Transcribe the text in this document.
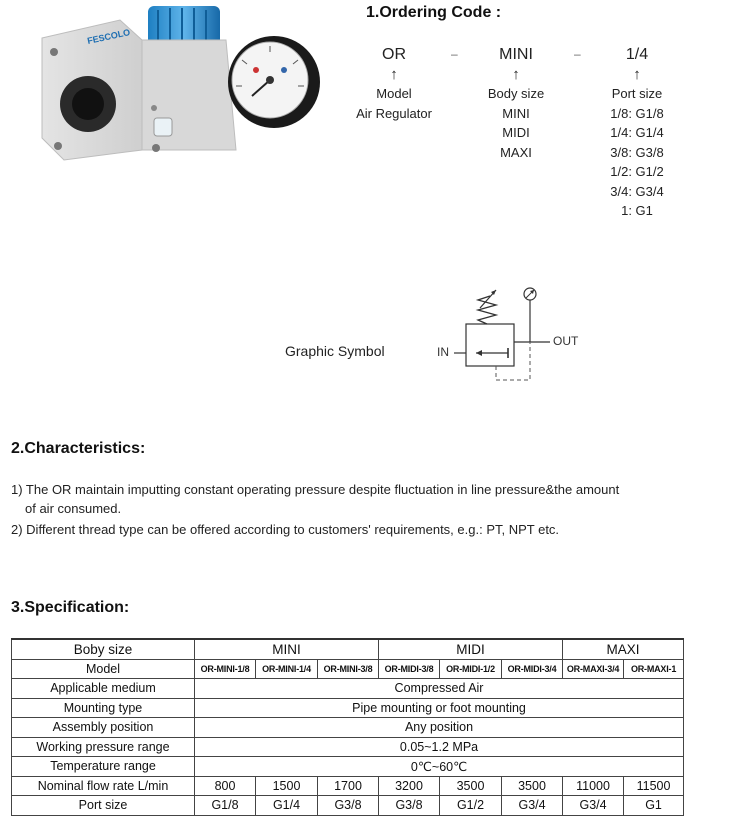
FESCOLO
1.Ordering Code :
OR
↑
Model
Air Regulator
–	MINI
↑
Body size
MINI
MIDI
MAXI
–	1/4
↑
Port size
1/8: G1/8
1/4: G1/4
3/8: G3/8
1/2: G1/2
3/4: G3/4
1: G1
Graphic Symbol	IN
OUT
2.Characteristics:
1) The OR maintain imputting constant operating pressure despite fluctuation in line pressure&the amount
of air consumed.
2) Different thread type can be offered according to customers' requirements, e.g.: PT, NPT etc.
3.Specification:
Boby size	MINI			MIDI			MAXI	
Model	OR-MINI-1/8	OR-MINI-1/4	OR-MINI-3/8	OR-MIDI-3/8	OR-MIDI-1/2	OR-MIDI-3/4	OR-MAXI-3/4	OR-MAXI-1
Applicable medium	Compressed Air							
Mounting type	Pipe mounting or foot mounting							
Assembly position	Any position							
Working pressure range	0.05~1.2 MPa							
Temperature range	0℃~60℃							
Nominal flow rate L/min	800	1500	1700	3200	3500	3500	11000	11500
Port size	G1/8	G1/4	G3/8	G3/8	G1/2	G3/4	G3/4	G1
